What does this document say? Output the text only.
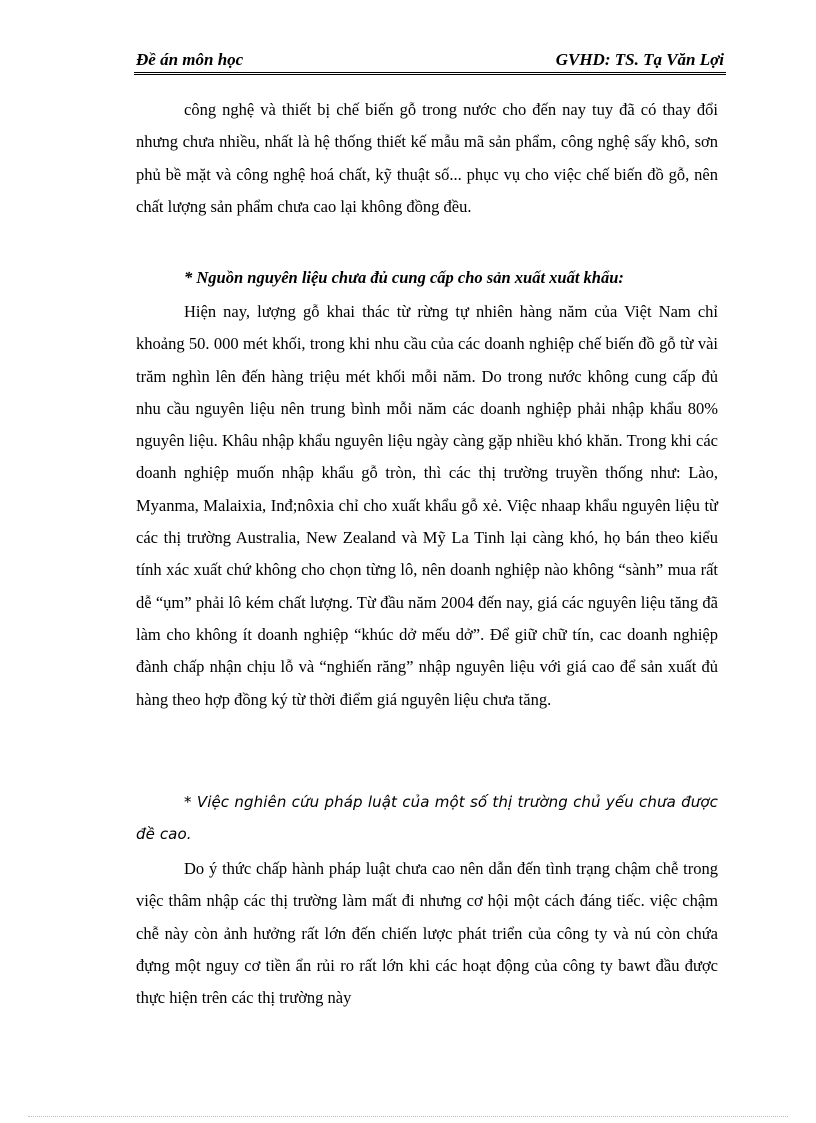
Đề án môn học	GVHD: TS. Tạ Văn Lợi

công nghệ và thiết bị chế biến gỗ trong nước cho đến nay tuy đã có thay đổi nhưng chưa nhiều, nhất là hệ thống thiết kế mẫu mã sản phẩm, công nghệ sấy khô, sơn phủ bề mặt và công nghệ hoá chất, kỹ thuật số... phục vụ cho việc chế biến đồ gỗ, nên chất lượng sản phẩm chưa cao lại không đồng đều.

* Nguồn nguyên liệu chưa đủ cung cấp cho sản xuất xuất khẩu:

Hiện nay, lượng gỗ khai thác từ rừng tự nhiên hàng năm của Việt Nam chỉ khoảng 50. 000 mét khối, trong khi nhu cầu của các doanh nghiệp chế biến đồ gỗ từ vài trăm nghìn lên đến hàng triệu mét khối mỗi năm. Do trong nước không cung cấp đủ nhu cầu nguyên liệu nên trung bình mỗi năm các doanh nghiệp phải nhập khẩu 80% nguyên liệu. Khâu nhập khẩu nguyên liệu ngày càng gặp nhiều khó khăn. Trong khi các doanh nghiệp muốn nhập khẩu gỗ tròn, thì các thị trường truyền thống như: Lào, Myanma, Malaixia, Inđ;nôxia chỉ cho xuất khẩu gỗ xẻ. Việc nhaap khẩu nguyên liệu từ các thị trường Australia, New Zealand và Mỹ La Tinh lại càng khó, họ bán theo kiểu tính xác xuất chứ không cho chọn từng lô, nên doanh nghiệp nào không “sành” mua rất dễ “ụm” phải lô kém chất lượng. Từ đầu năm 2004 đến nay, giá các nguyên liệu tăng đã làm cho không ít doanh nghiệp “khúc dở mếu dở”. Để giữ chữ tín, cac doanh nghiệp đành chấp nhận chịu lỗ và “nghiến răng” nhập nguyên liệu với giá cao để sản xuất đủ hàng theo hợp đồng ký từ thời điểm giá nguyên liệu chưa tăng.

* Việc nghiên cứu pháp luật của một số thị trường chủ yếu chưa được đề cao.

Do ý thức chấp hành pháp luật chưa cao nên dẫn đến tình trạng chậm chễ trong việc thâm nhập các thị trường làm mất đi nhưng cơ hội một cách đáng tiếc. việc chậm chễ này còn ảnh hưởng rất lớn đến chiến lược phát triển của công ty và nú còn chứa đựng một nguy cơ tiền ẩn rủi ro rất lớn khi các hoạt động của công ty bawt đầu được thực hiện trên các thị trường này
